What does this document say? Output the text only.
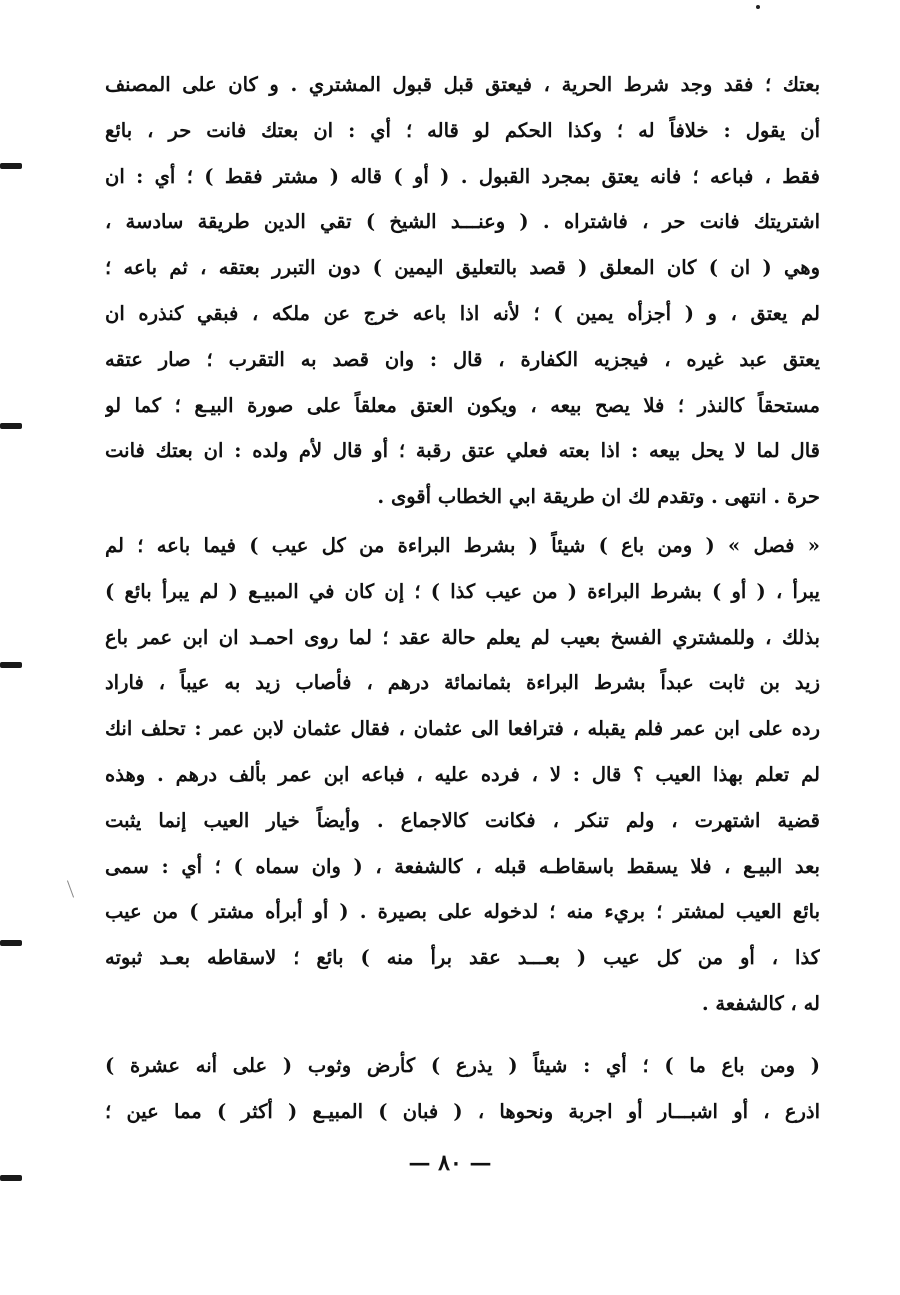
بعتك ؛ فقد وجد شرط الحرية ، فيعتق قبل قبول المشتري . و كان على المصنف
أن يقول : خلافاً له ؛ وكذا الحكم لو قاله ؛ أي : ان بعتك فانت حر ، بائع
فقط ، فباعه ؛ فانه يعتق بمجرد القبول . ( أو ) قاله ( مشتر فقط ) ؛ أي : ان
اشتريتك فانت حر ، فاشتراه . ( وعنـــد الشيخ ) تقي الدين طريقة سادسة ،
وهي ( ان ) كان المعلق ( قصد بالتعليق اليمين ) دون التبرر بعتقه ، ثم باعه ؛
لم يعتق ، و ( أجزأه يمين ) ؛ لأنه اذا باعه خرج عن ملكه ، فبقي كنذره ان
يعتق عبد غيره ، فيجزيه الكفارة ، قال : وان قصد به التقرب ؛ صار عتقه
مستحقاً كالنذر ؛ فلا يصح بيعه ، ويكون العتق معلقاً على صورة البيـع ؛ كما لو
قال لما لا يحل بيعه : اذا بعته فعلي عتق رقبة ؛ أو قال لأم ولده : ان بعتك فانت
حرة . انتهى . وتقدم لك ان طريقة ابي الخطاب أقوى .
« فصل » ( ومن باع ) شيئاً ( بشرط البراءة من كل عيب ) فيما باعه ؛ لم
يبرأ ، ( أو ) بشرط البراءة ( من عيب كذا ) ؛ إن كان في المبيـع ( لم يبرأ بائع )
بذلك ، وللمشتري الفسخ بعيب لم يعلم حالة عقد ؛ لما روى احمـد ان ابن عمر باع
زيد بن ثابت عبداً بشرط البراءة بثمانمائة درهم ، فأصاب زيد به عيباً ، فاراد
رده على ابن عمر فلم يقبله ، فترافعا الى عثمان ، فقال عثمان لابن عمر : تحلف انك
لم تعلم بهذا العيب ؟ قال : لا ، فرده عليه ، فباعه ابن عمر بألف درهم . وهذه
قضية اشتهرت ، ولم تنكر ، فكانت كالاجماع . وأيضاً خيار العيب إنما يثبت
بعد البيـع ، فلا يسقط باسقاطـه قبله ، كالشفعة ، ( وان سماه ) ؛ أي : سمى
بائع العيب لمشتر ؛ بريء منه ؛ لدخوله على بصيرة . ( أو أبرأه مشتر ) من عيب
كذا ، أو من كل عيب ( بعـــد عقد برأ منه ) بائع ؛ لاسقاطه بعـد ثبوته
له ، كالشفعة .
( ومن باع ما ) ؛ أي : شيئاً ( يذرع ) كأرض وثوب ( على أنه عشرة )
اذرع ، أو اشبـــار أو اجربة ونحوها ، ( فبان ) المبيـع ( أكثر ) مما عين ؛
— ٨٠ —
